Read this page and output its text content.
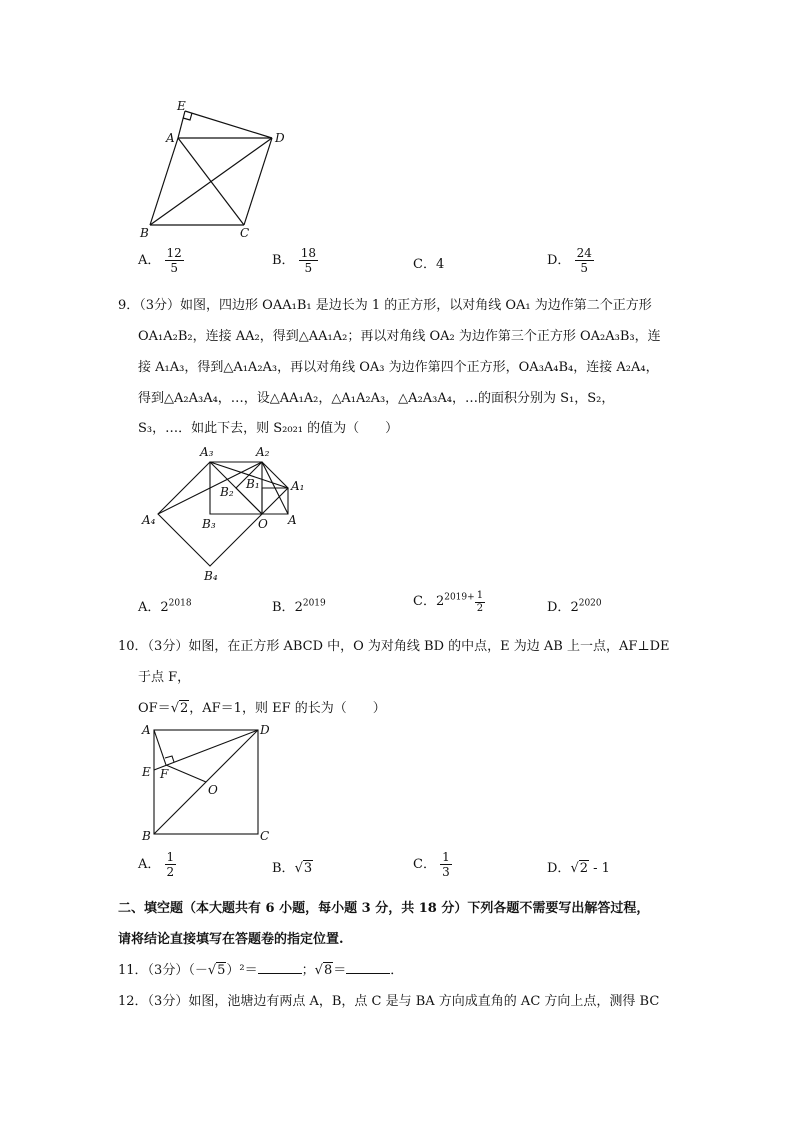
E
A	D
B	C
A． $\frac{12}{5}$	B． $\frac{18}{5}$	C．4	D． $\frac{24}{5}$
9．（3分）如图，四边形 OAA₁B₁ 是边长为 1 的正方形，以对角线 OA₁ 为边作第二个正方形
OA₁A₂B₂，连接 AA₂，得到△AA₁A₂；再以对角线 OA₂ 为边作第三个正方形 OA₂A₃B₃，连
接 A₁A₃，得到△A₁A₂A₃，再以对角线 OA₃ 为边作第四个正方形，OA₃A₄B₄，连接 A₂A₄，
得到△A₂A₃A₄，…，设△AA₁A₂，△A₁A₂A₃，△A₂A₃A₄，…的面积分别为 S₁，S₂，
S₃，…．如此下去，则 S₂₀₂₁ 的值为（　　）
A₃	A₂
A₁
A
A₄
B₁
B₂
B₃
B₄
O
A．$2^{2018}$	B．$2^{2019}$	C．$2^{2019+} \frac{1}{2}$	D．$2^{2020}$
10．（3分）如图，在正方形 ABCD 中，O 为对角线 BD 的中点，E 为边 AB 上一点，AF⊥DE
于点 F，
OF＝√2，AF＝1，则 EF 的长为（　　）
A	D
E F
O
B	C
A． $\frac{1}{2}$	B．√3	C． $\frac{1}{3}$	D．√2 - 1
二、填空题（本大题共有 6 小题，每小题 3 分，共 18 分）下列各题不需要写出解答过程，
请将结论直接填写在答题卷的指定位置.
11．（3分）（－√5）²＝	；√8＝	．
12．（3分）如图，池塘边有两点 A，B，点 C 是与 BA 方向成直角的 AC 方向上点，测得 BC
